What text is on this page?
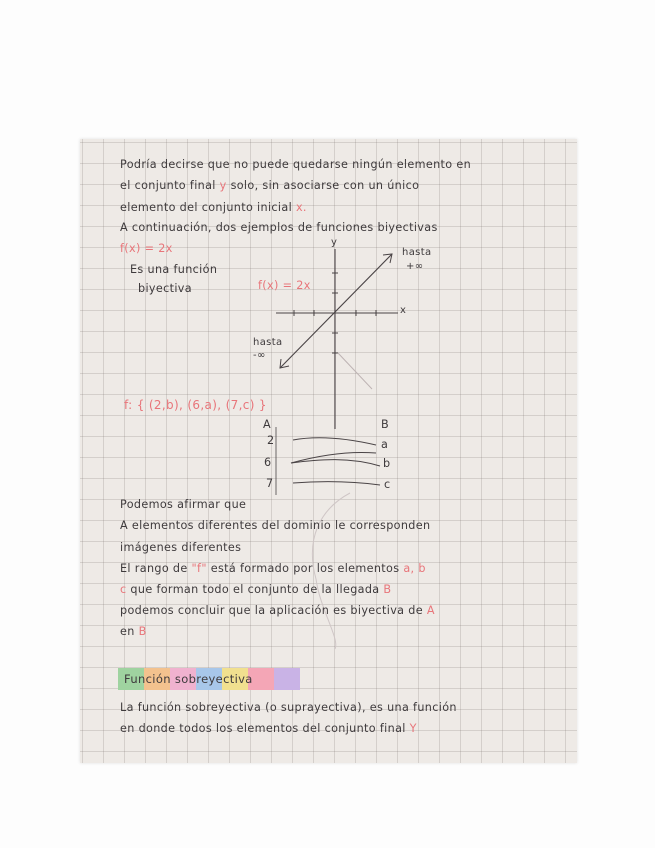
Podría decirse que no puede quedarse ningún elemento en
el conjunto final y solo, sin asociarse con un único
elemento del conjunto inicial x.
A continuación, dos ejemplos de funciones biyectivas
f(x) = 2x
Es una función
biyectiva	f(x) = 2x
y
x
hasta
+∞
hasta
-∞
f: { (2,b), (6,a), (7,c) }
A	B
2
6
7
a
b
c
Podemos afirmar que
A elementos diferentes del dominio le corresponden
imágenes diferentes
El rango de "f" está formado por los elementos a, b
c que forman todo el conjunto de la llegada B
podemos concluir que la aplicación es biyectiva de A
en B
Función sobreyectiva
La función sobreyectiva (o suprayectiva), es una función
en donde todos los elementos del conjunto final Y
